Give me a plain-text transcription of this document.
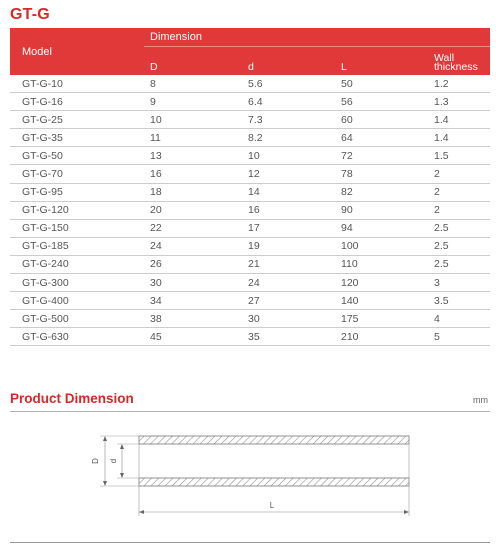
GT-G
Model	Dimension			
	D	d	L	Wall
thickness
GT-G-10	8	5.6	50	1.2
GT-G-16	9	6.4	56	1.3
GT-G-25	10	7.3	60	1.4
GT-G-35	11	8.2	64	1.4
GT-G-50	13	10	72	1.5
GT-G-70	16	12	78	2
GT-G-95	18	14	82	2
GT-G-120	20	16	90	2
GT-G-150	22	17	94	2.5
GT-G-185	24	19	100	2.5
GT-G-240	26	21	110	2.5
GT-G-300	30	24	120	3
GT-G-400	34	27	140	3.5
GT-G-500	38	30	175	4
GT-G-630	45	35	210	5
Product Dimension	mm
D d
L
